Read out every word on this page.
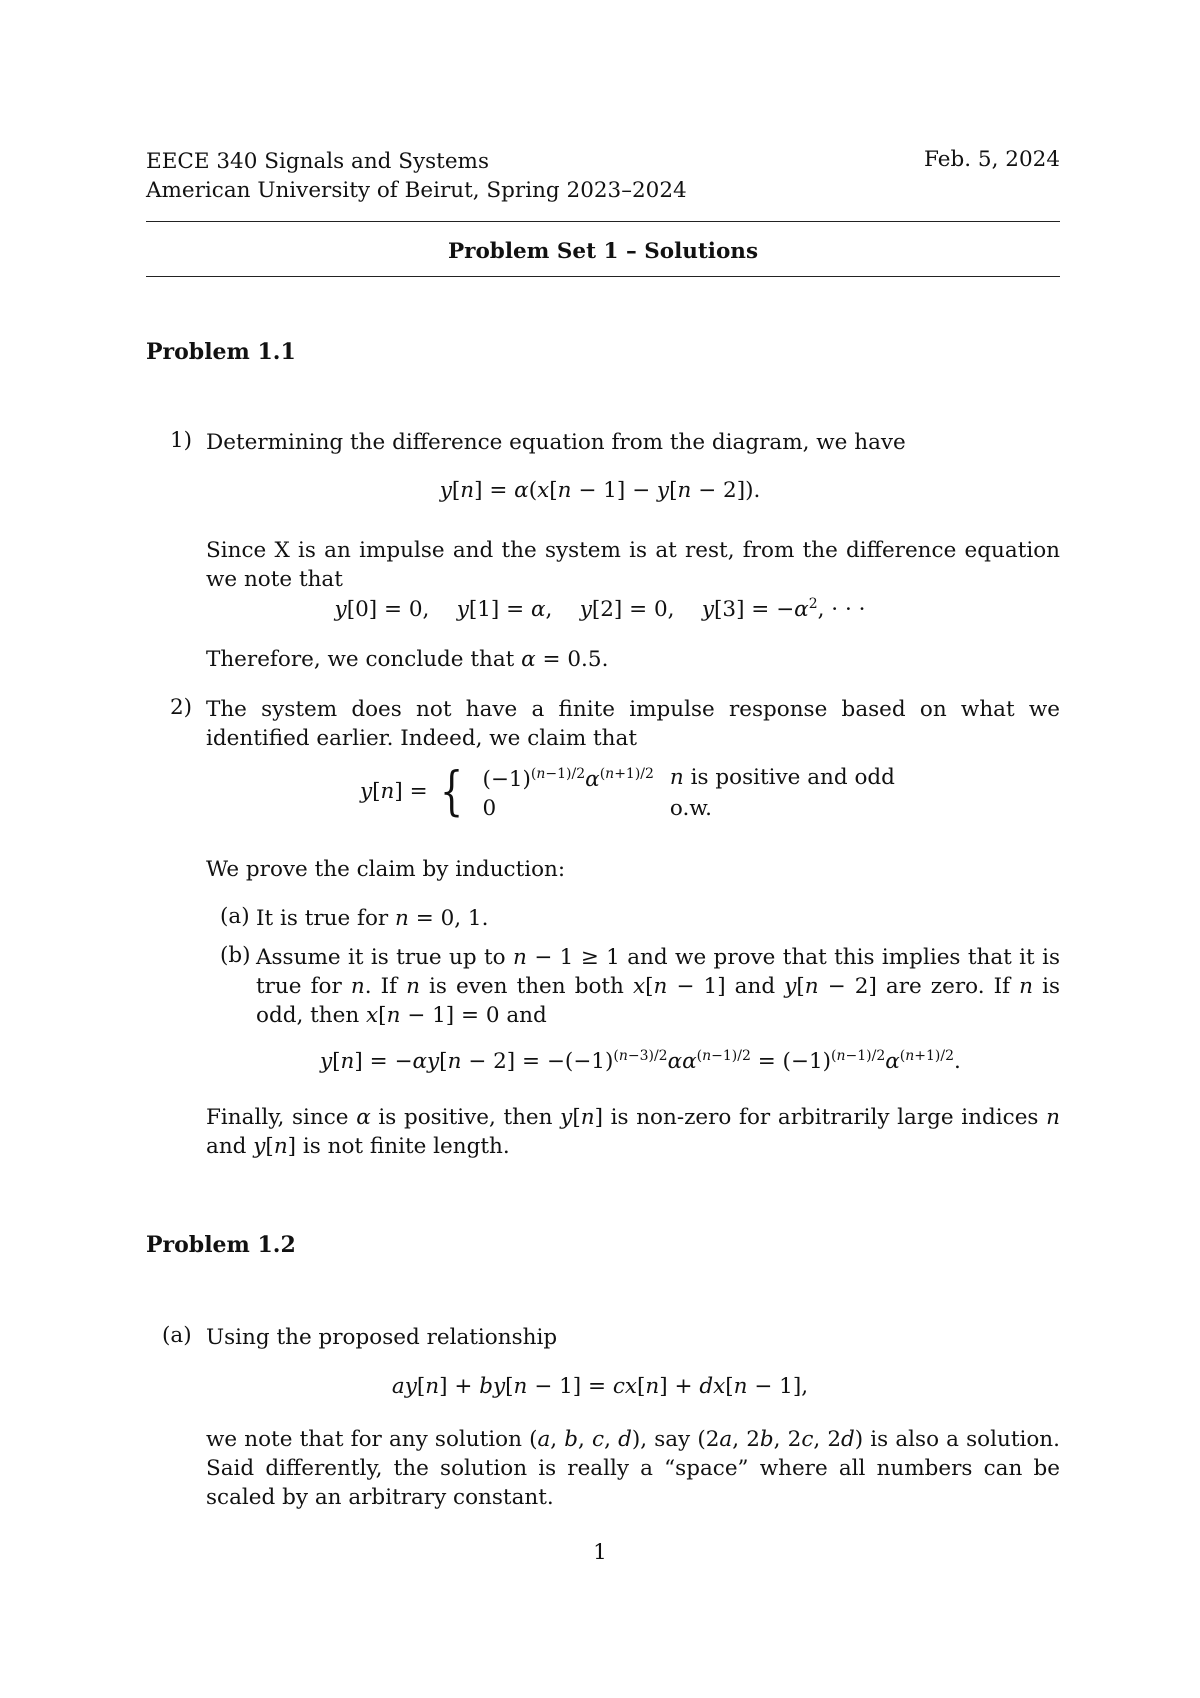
EECE 340 Signals and Systems
American University of Beirut, Spring 2023–2024
Feb. 5, 2024
Problem Set 1 – Solutions
Problem 1.1
1) Determining the difference equation from the diagram, we have
y[n] = α(x[n − 1] − y[n − 2]).
Since X is an impulse and the system is at rest, from the difference equation we note that
y[0] = 0,    y[1] = α,    y[2] = 0,    $y[3] = -\alpha^2$, · · ·
Therefore, we conclude that α = 0.5.
2) The system does not have a finite impulse response based on what we identified earlier. Indeed, we claim that
y[n] = { $(-1)^{(n-1)/2}\alpha^{(n+1)/2}$	n is positive and odd
0	o.w.
We prove the claim by induction:
(a) It is true for n = 0, 1.
(b) Assume it is true up to n − 1 ≥ 1 and we prove that this implies that it is true for n. If n is even then both x[n − 1] and y[n − 2] are zero. If n is odd, then x[n − 1] = 0 and
$y[n] = -\alpha y[n - 2] = -(-1)^{(n-3)/2}\alpha\alpha^{(n-1)/2} = (-1)^{(n-1)/2}\alpha^{(n+1)/2}$.
Finally, since α is positive, then y[n] is non-zero for arbitrarily large indices n and y[n] is not finite length.
Problem 1.2
(a) Using the proposed relationship
ay[n] + by[n − 1] = cx[n] + dx[n − 1],
we note that for any solution (a, b, c, d), say (2a, 2b, 2c, 2d) is also a solution. Said differently, the solution is really a “space” where all numbers can be scaled by an arbitrary constant.
1
